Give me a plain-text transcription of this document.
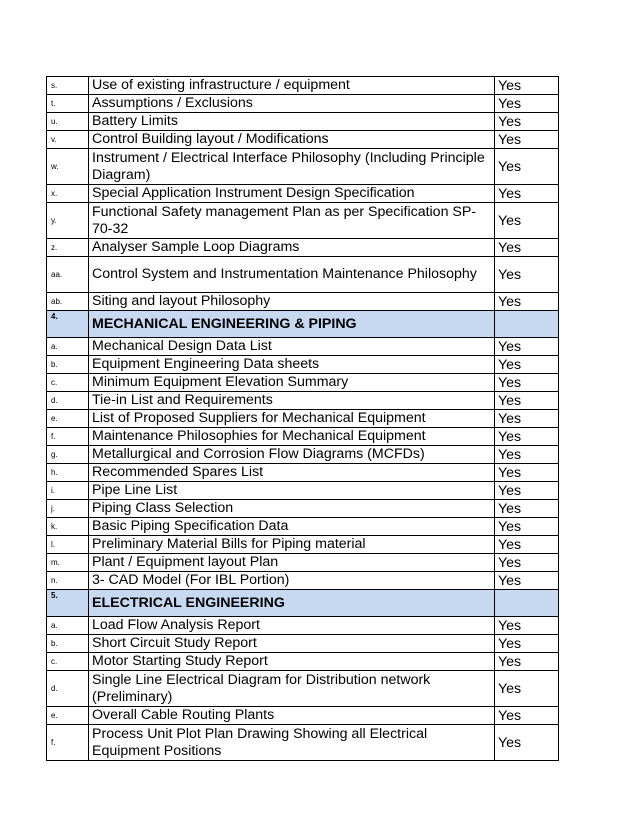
s.	Use of existing infrastructure / equipment	Yes
t.	Assumptions / Exclusions	Yes
u.	Battery Limits	Yes
v.	Control Building layout / Modifications	Yes
w.	Instrument / Electrical Interface Philosophy (Including Principle Diagram)	Yes
x.	Special Application Instrument Design Specification	Yes
y.	Functional Safety management Plan as per Specification SP-70-32	Yes
z.	Analyser Sample Loop Diagrams	Yes
aa.	Control System and Instrumentation Maintenance Philosophy	Yes
ab.	Siting and layout Philosophy	Yes
4.	MECHANICAL ENGINEERING & PIPING	
a.	Mechanical Design Data List	Yes
b.	Equipment Engineering Data sheets	Yes
c.	Minimum Equipment Elevation Summary	Yes
d.	Tie-in List and Requirements	Yes
e.	List of Proposed Suppliers for Mechanical Equipment	Yes
f.	Maintenance Philosophies for Mechanical Equipment	Yes
g.	Metallurgical and Corrosion Flow Diagrams (MCFDs)	Yes
h.	Recommended Spares List	Yes
i.	Pipe Line List	Yes
j.	Piping Class Selection	Yes
k.	Basic Piping Specification Data	Yes
l.	Preliminary Material Bills for Piping material	Yes
m.	Plant / Equipment layout Plan	Yes
n.	3- CAD Model (For IBL Portion)	Yes
5.	ELECTRICAL ENGINEERING	
a.	Load Flow Analysis Report	Yes
b.	Short Circuit Study Report	Yes
c.	Motor Starting Study Report	Yes
d.	Single Line Electrical Diagram for Distribution network (Preliminary)	Yes
e.	Overall Cable Routing Plants	Yes
f.	Process Unit Plot Plan Drawing Showing all Electrical Equipment Positions	Yes
